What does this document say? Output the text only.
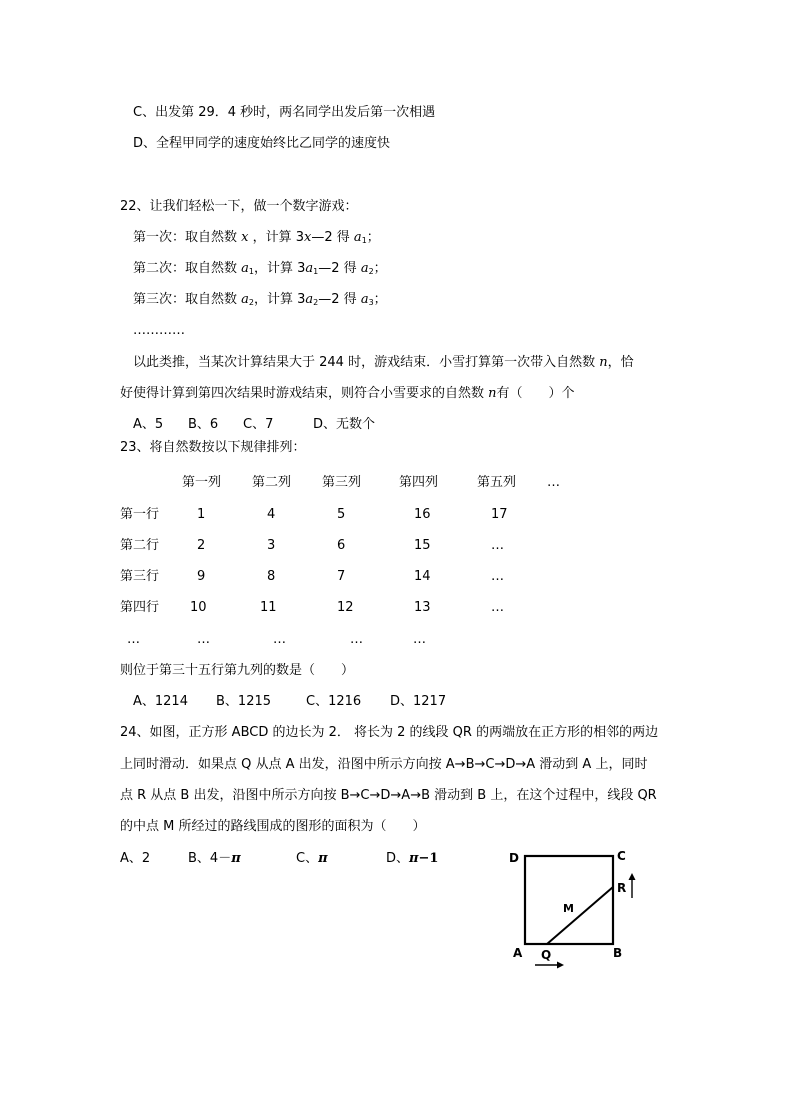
C、出发第 29．4 秒时，两名同学出发后第一次相遇
D、全程甲同学的速度始终比乙同学的速度快
22、让我们轻松一下，做一个数字游戏：
第一次：取自然数 x ，计算 3x—2 得 $a_1$；
第二次：取自然数 $a_1$，计算 $3a_1—2$ 得 $a_2$；
第三次：取自然数 $a_2$，计算 $3a_2—2$ 得 $a_3$；
…………
以此类推，当某次计算结果大于 244 时，游戏结束．小雪打算第一次带入自然数 n，恰
好使得计算到第四次结果时游戏结束，则符合小雪要求的自然数 n有（　　）个
A、5 B、6 C、7	D、无数个
23、将自然数按以下规律排列：
第一列 第二列 第三列	第四列	第五列 …
第一行	1	4	5	16	17
第二行	2	3	6	15	…
第三行	9	8	7	14	…
第四行 10	11	12	13	…
…	…	…	…	…
则位于第三十五行第九列的数是（　　）
A、1214 B、1215	C、1216 D、1217
24、如图，正方形 ABCD 的边长为 2． 将长为 2 的线段 QR 的两端放在正方形的相邻的两边
上同时滑动．如果点 Q 从点 A 出发，沿图中所示方向按 A→B→C→D→A 滑动到 A 上，同时
点 R 从点 B 出发，沿图中所示方向按 B→C→D→A→B 滑动到 B 上，在这个过程中，线段 QR
的中点 M 所经过的路线围成的图形的面积为（　　）
A、2	B、4－π	C、π	D、π−1	D	C
R
M
A Q	B
